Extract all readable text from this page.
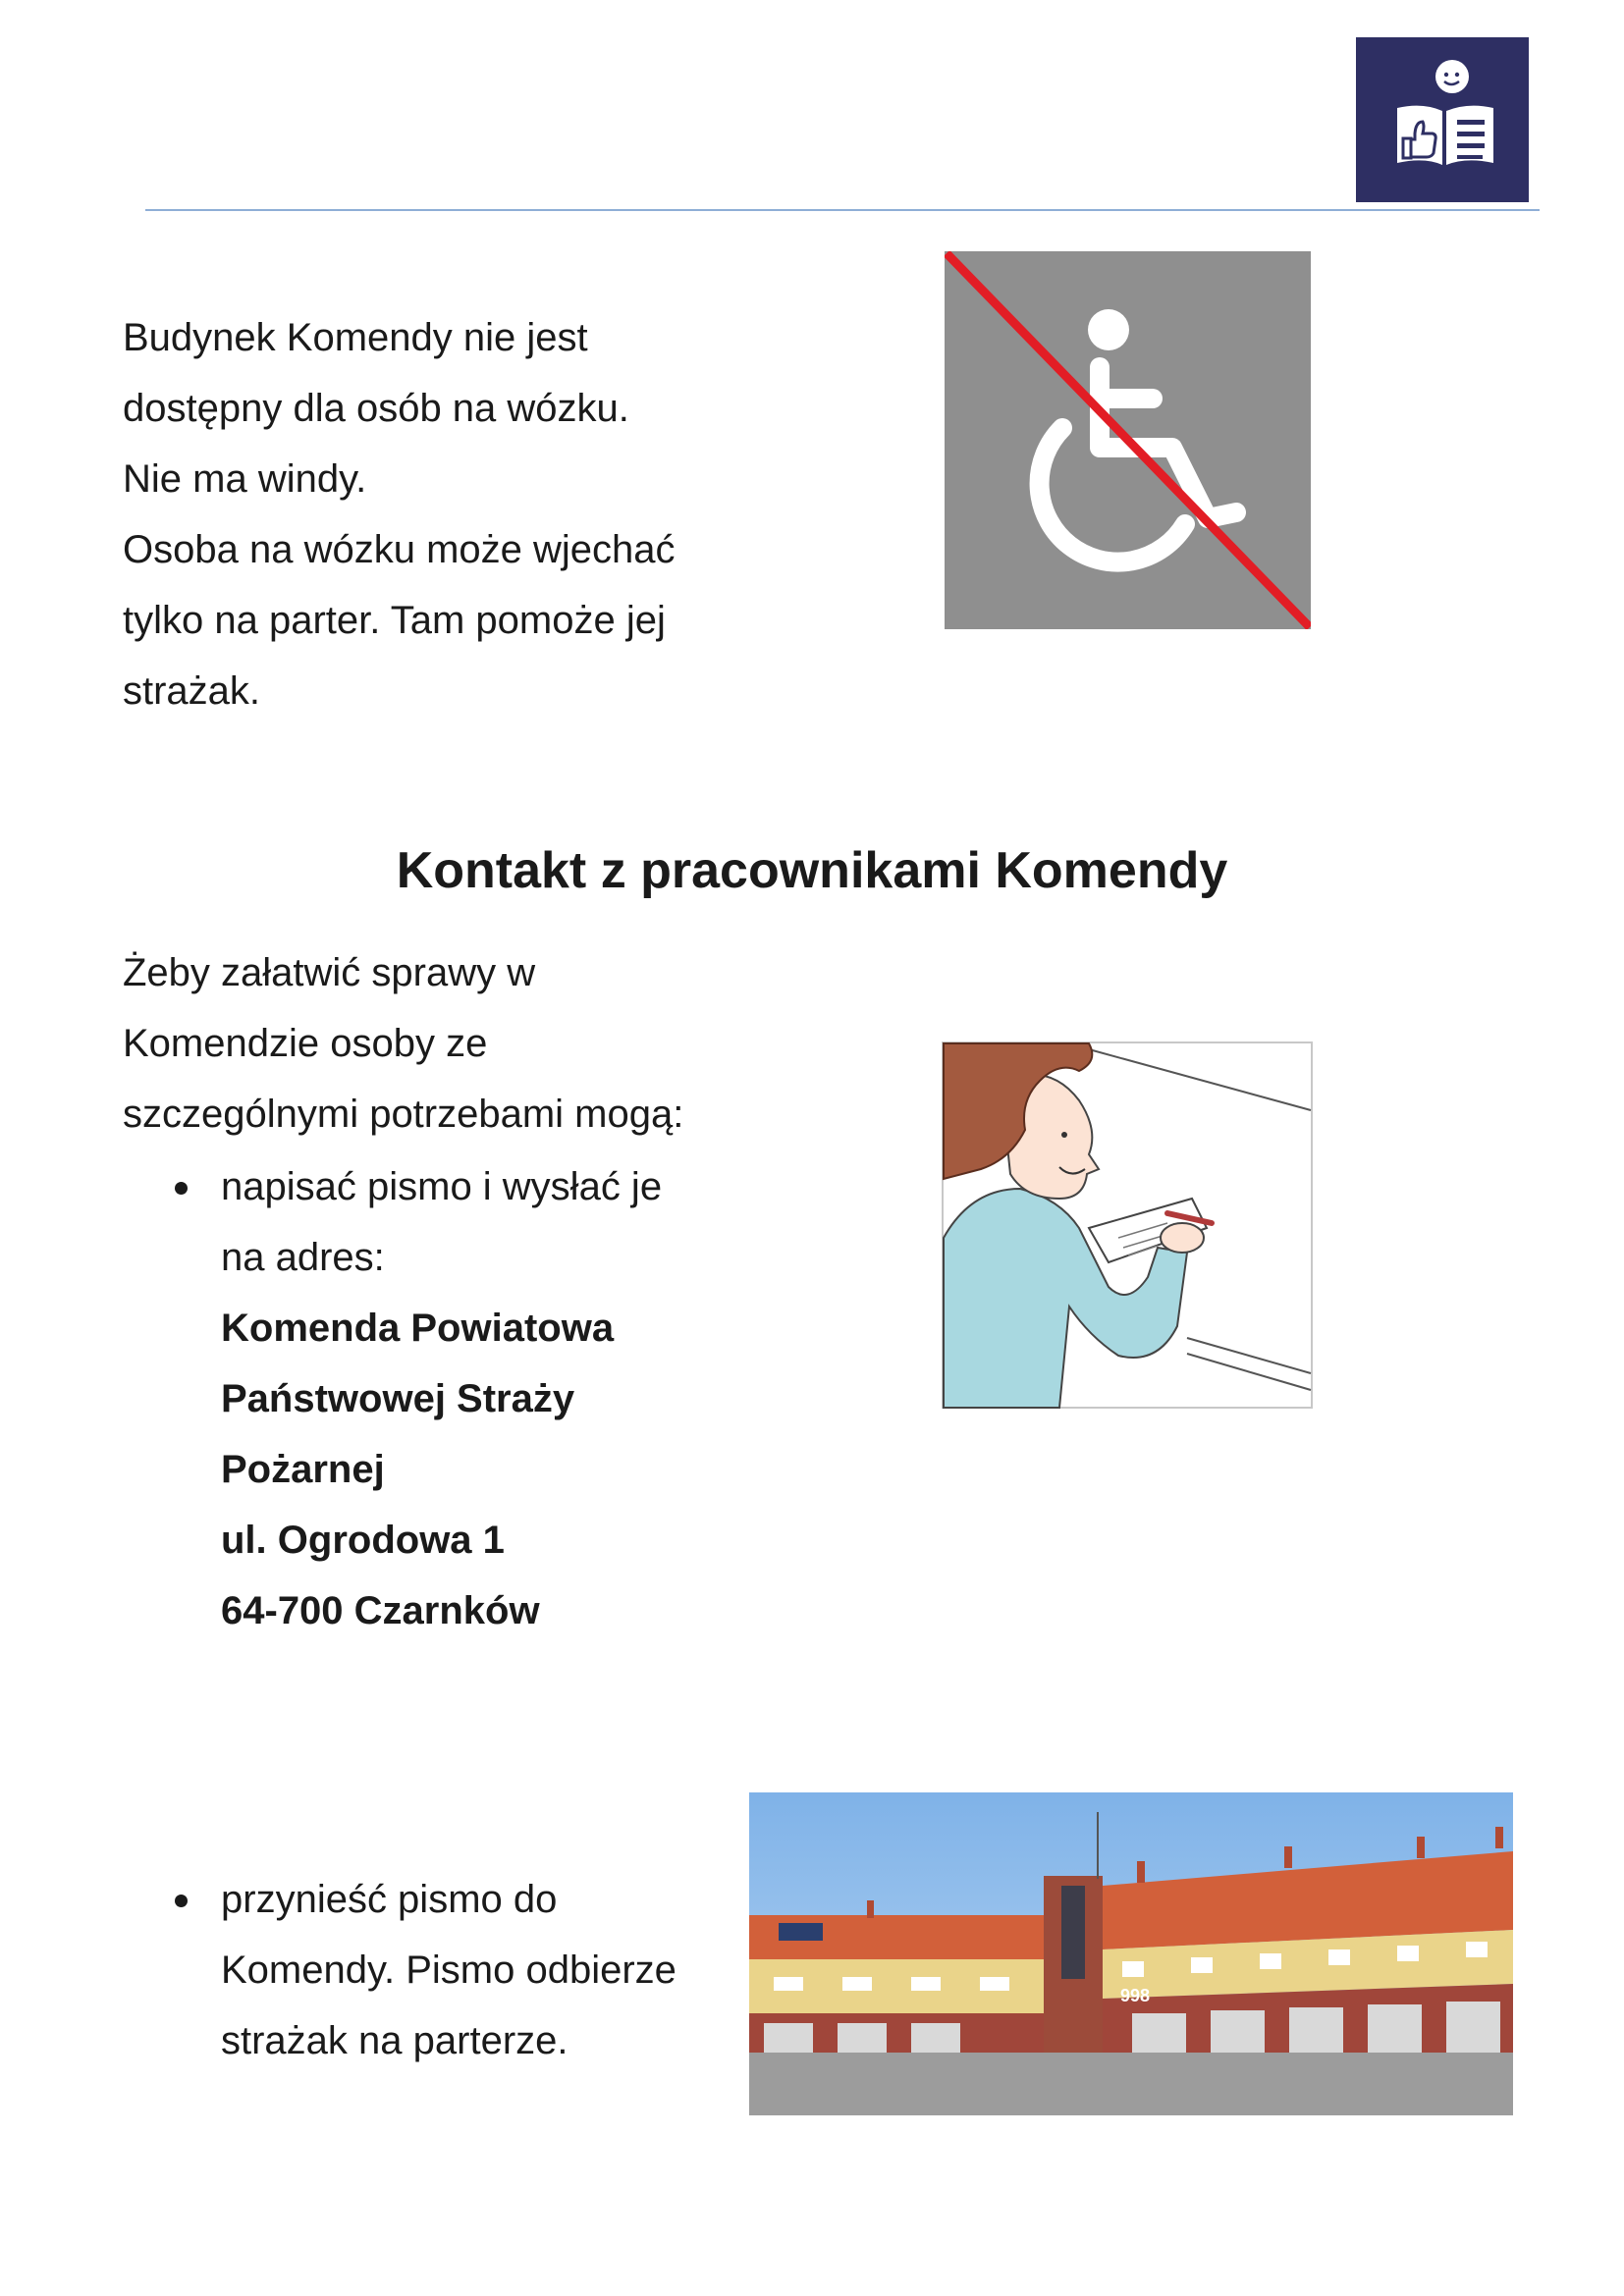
Budynek Komendy nie jest

dostępny dla osób na wózku.

Nie ma windy.

Osoba na wózku może wjechać

tylko na parter. Tam pomoże jej

strażak.

Kontakt z pracownikami Komendy

Żeby załatwić sprawy w

Komendzie osoby ze

szczególnymi potrzebami mogą:

napisać pismo i wysłać je
na adres:
Komenda Powiatowa
Państwowej Straży
Pożarnej
ul. Ogrodowa 1
64-700 Czarnków
przynieść pismo do
Komendy. Pismo odbierze
strażak na parterze.
998
